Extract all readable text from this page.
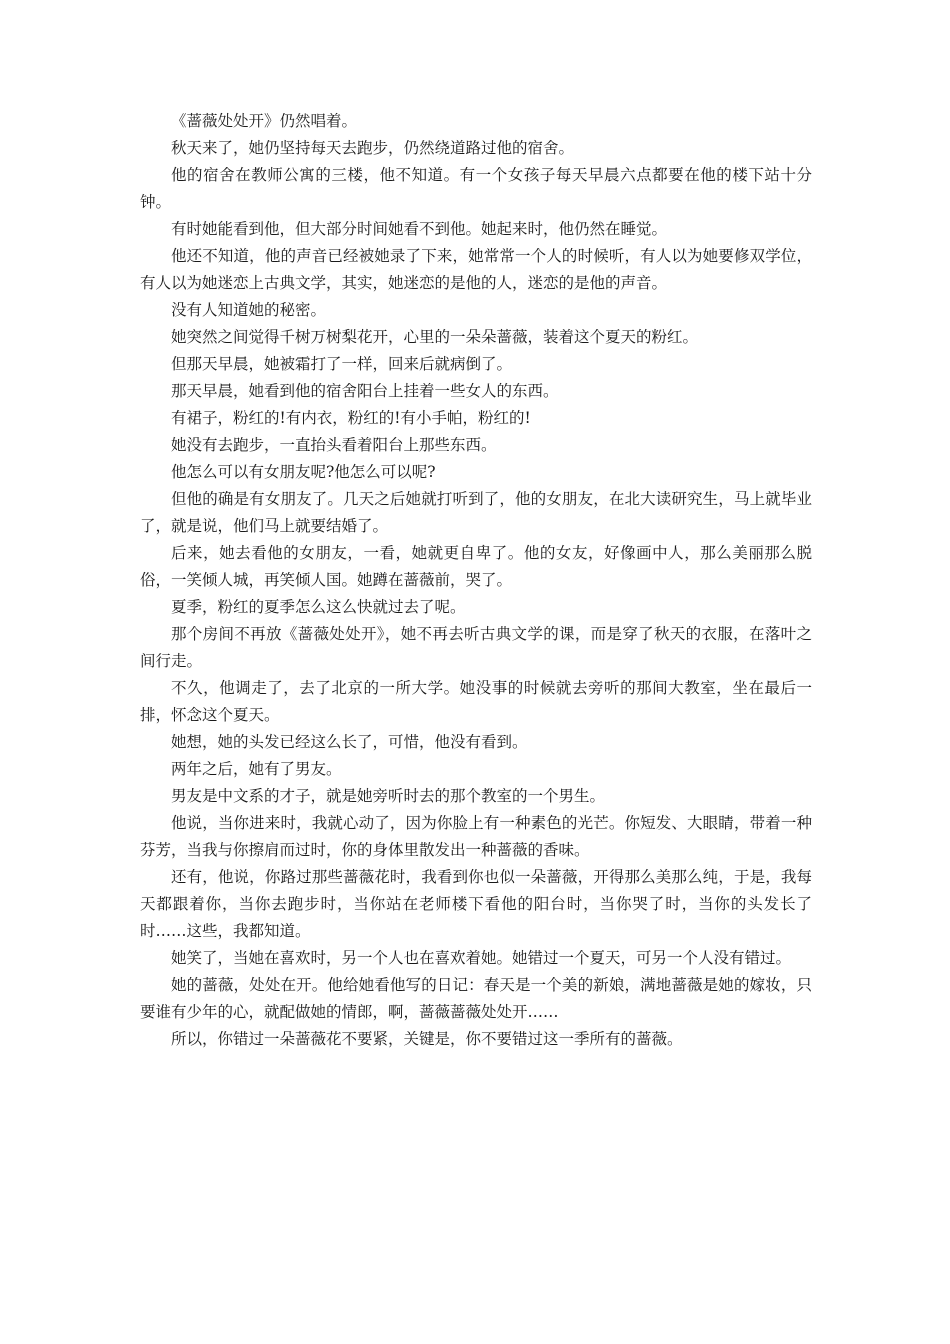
《蔷薇处处开》仍然唱着。

秋天来了，她仍坚持每天去跑步，仍然绕道路过他的宿舍。

他的宿舍在教师公寓的三楼，他不知道。有一个女孩子每天早晨六点都要在他的楼下站十分钟。

有时她能看到他，但大部分时间她看不到他。她起来时，他仍然在睡觉。

他还不知道，他的声音已经被她录了下来，她常常一个人的时候听，有人以为她要修双学位，有人以为她迷恋上古典文学，其实，她迷恋的是他的人，迷恋的是他的声音。

没有人知道她的秘密。

她突然之间觉得千树万树梨花开，心里的一朵朵蔷薇，装着这个夏天的粉红。

但那天早晨，她被霜打了一样，回来后就病倒了。

那天早晨，她看到他的宿舍阳台上挂着一些女人的东西。

有裙子，粉红的!有内衣，粉红的!有小手帕，粉红的!

她没有去跑步，一直抬头看着阳台上那些东西。

他怎么可以有女朋友呢?他怎么可以呢?

但他的确是有女朋友了。几天之后她就打听到了，他的女朋友，在北大读研究生，马上就毕业了，就是说，他们马上就要结婚了。

后来，她去看他的女朋友，一看，她就更自卑了。他的女友，好像画中人，那么美丽那么脱俗，一笑倾人城，再笑倾人国。她蹲在蔷薇前，哭了。

夏季，粉红的夏季怎么这么快就过去了呢。

那个房间不再放《蔷薇处处开》，她不再去听古典文学的课，而是穿了秋天的衣服，在落叶之间行走。

不久，他调走了，去了北京的一所大学。她没事的时候就去旁听的那间大教室，坐在最后一排，怀念这个夏天。

她想，她的头发已经这么长了，可惜，他没有看到。

两年之后，她有了男友。

男友是中文系的才子，就是她旁听时去的那个教室的一个男生。

他说，当你进来时，我就心动了，因为你脸上有一种素色的光芒。你短发、大眼睛，带着一种芬芳，当我与你擦肩而过时，你的身体里散发出一种蔷薇的香味。

还有，他说，你路过那些蔷薇花时，我看到你也似一朵蔷薇，开得那么美那么纯，于是，我每天都跟着你，当你去跑步时，当你站在老师楼下看他的阳台时，当你哭了时，当你的头发长了时……这些，我都知道。

她笑了，当她在喜欢时，另一个人也在喜欢着她。她错过一个夏天，可另一个人没有错过。

她的蔷薇，处处在开。他给她看他写的日记：春天是一个美的新娘，满地蔷薇是她的嫁妆，只要谁有少年的心，就配做她的情郎，啊，蔷薇蔷薇处处开……

所以，你错过一朵蔷薇花不要紧，关键是，你不要错过这一季所有的蔷薇。
